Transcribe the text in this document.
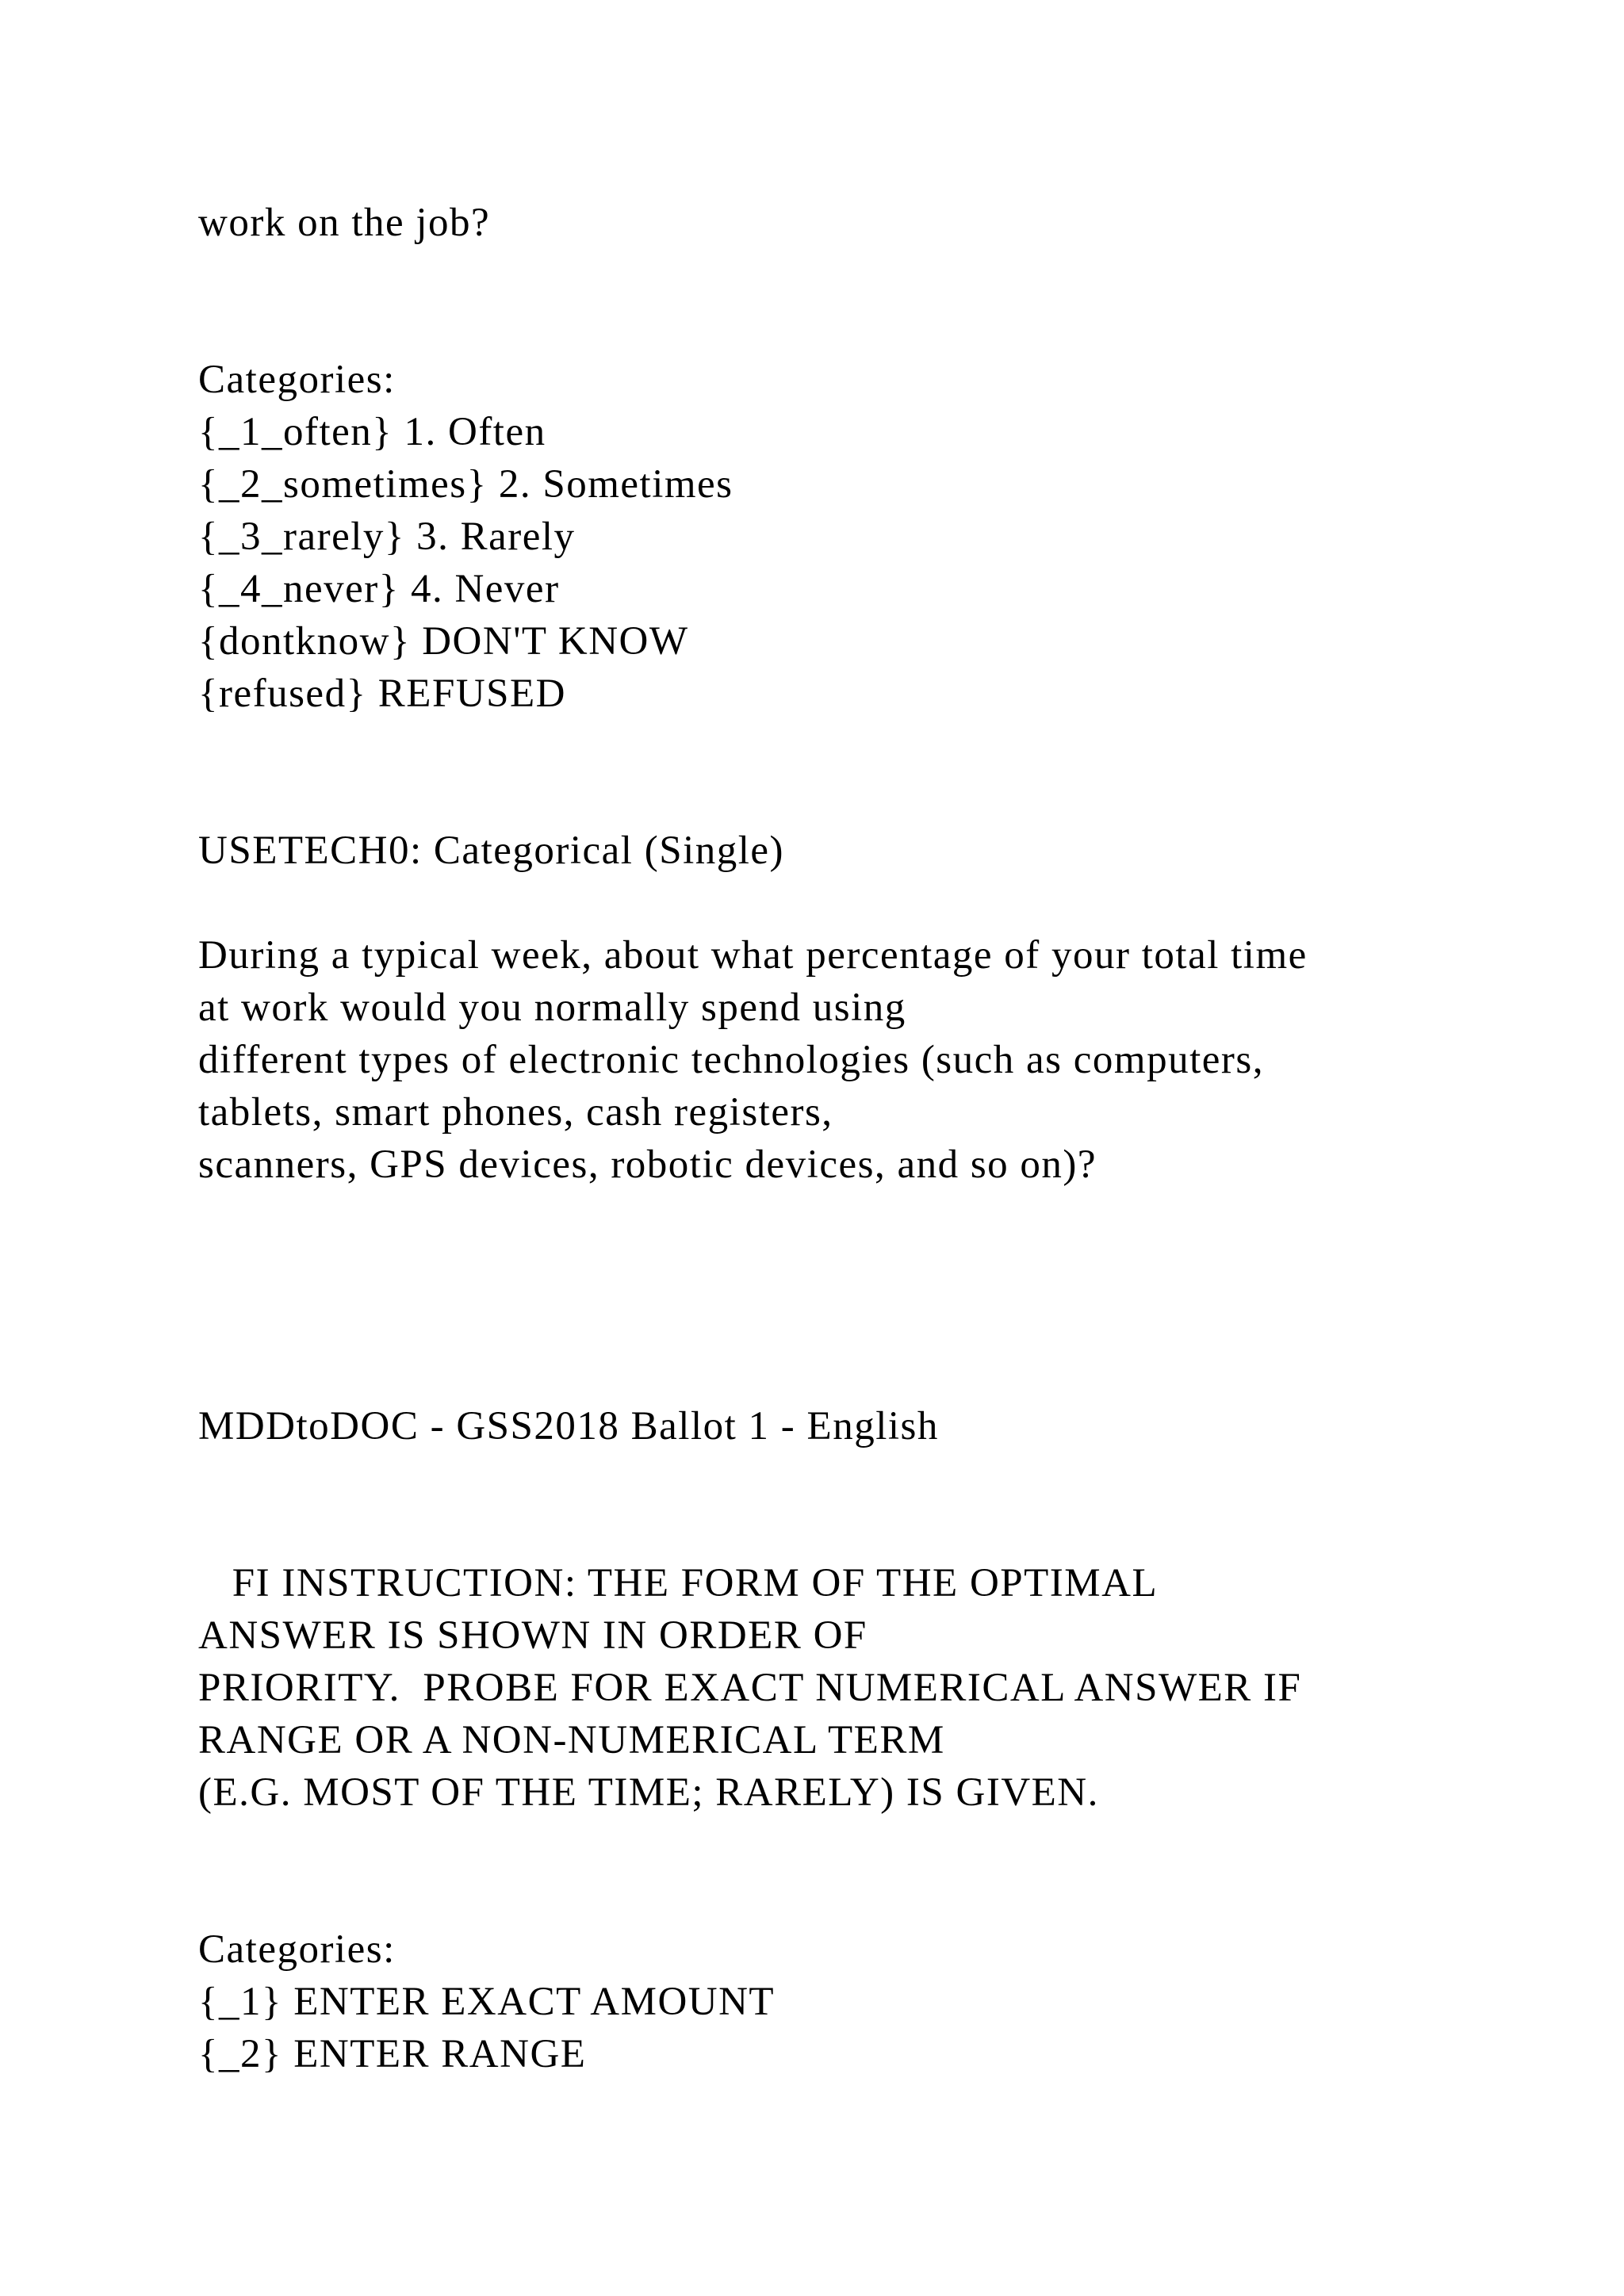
work on the job?
Categories:
{_1_often} 1. Often
{_2_sometimes} 2. Sometimes
{_3_rarely} 3. Rarely
{_4_never} 4. Never
{dontknow} DON'T KNOW
{refused} REFUSED
USETECH0: Categorical (Single)
During a typical week, about what percentage of your total time
at work would you normally spend using
different types of electronic technologies (such as computers,
tablets, smart phones, cash registers,
scanners, GPS devices, robotic devices, and so on)?
MDDtoDOC - GSS2018 Ballot 1 - English
FI INSTRUCTION: THE FORM OF THE OPTIMAL
ANSWER IS SHOWN IN ORDER OF
PRIORITY.  PROBE FOR EXACT NUMERICAL ANSWER IF
RANGE OR A NON-NUMERICAL TERM
(E.G. MOST OF THE TIME; RARELY) IS GIVEN.
Categories:
{_1} ENTER EXACT AMOUNT
{_2} ENTER RANGE
